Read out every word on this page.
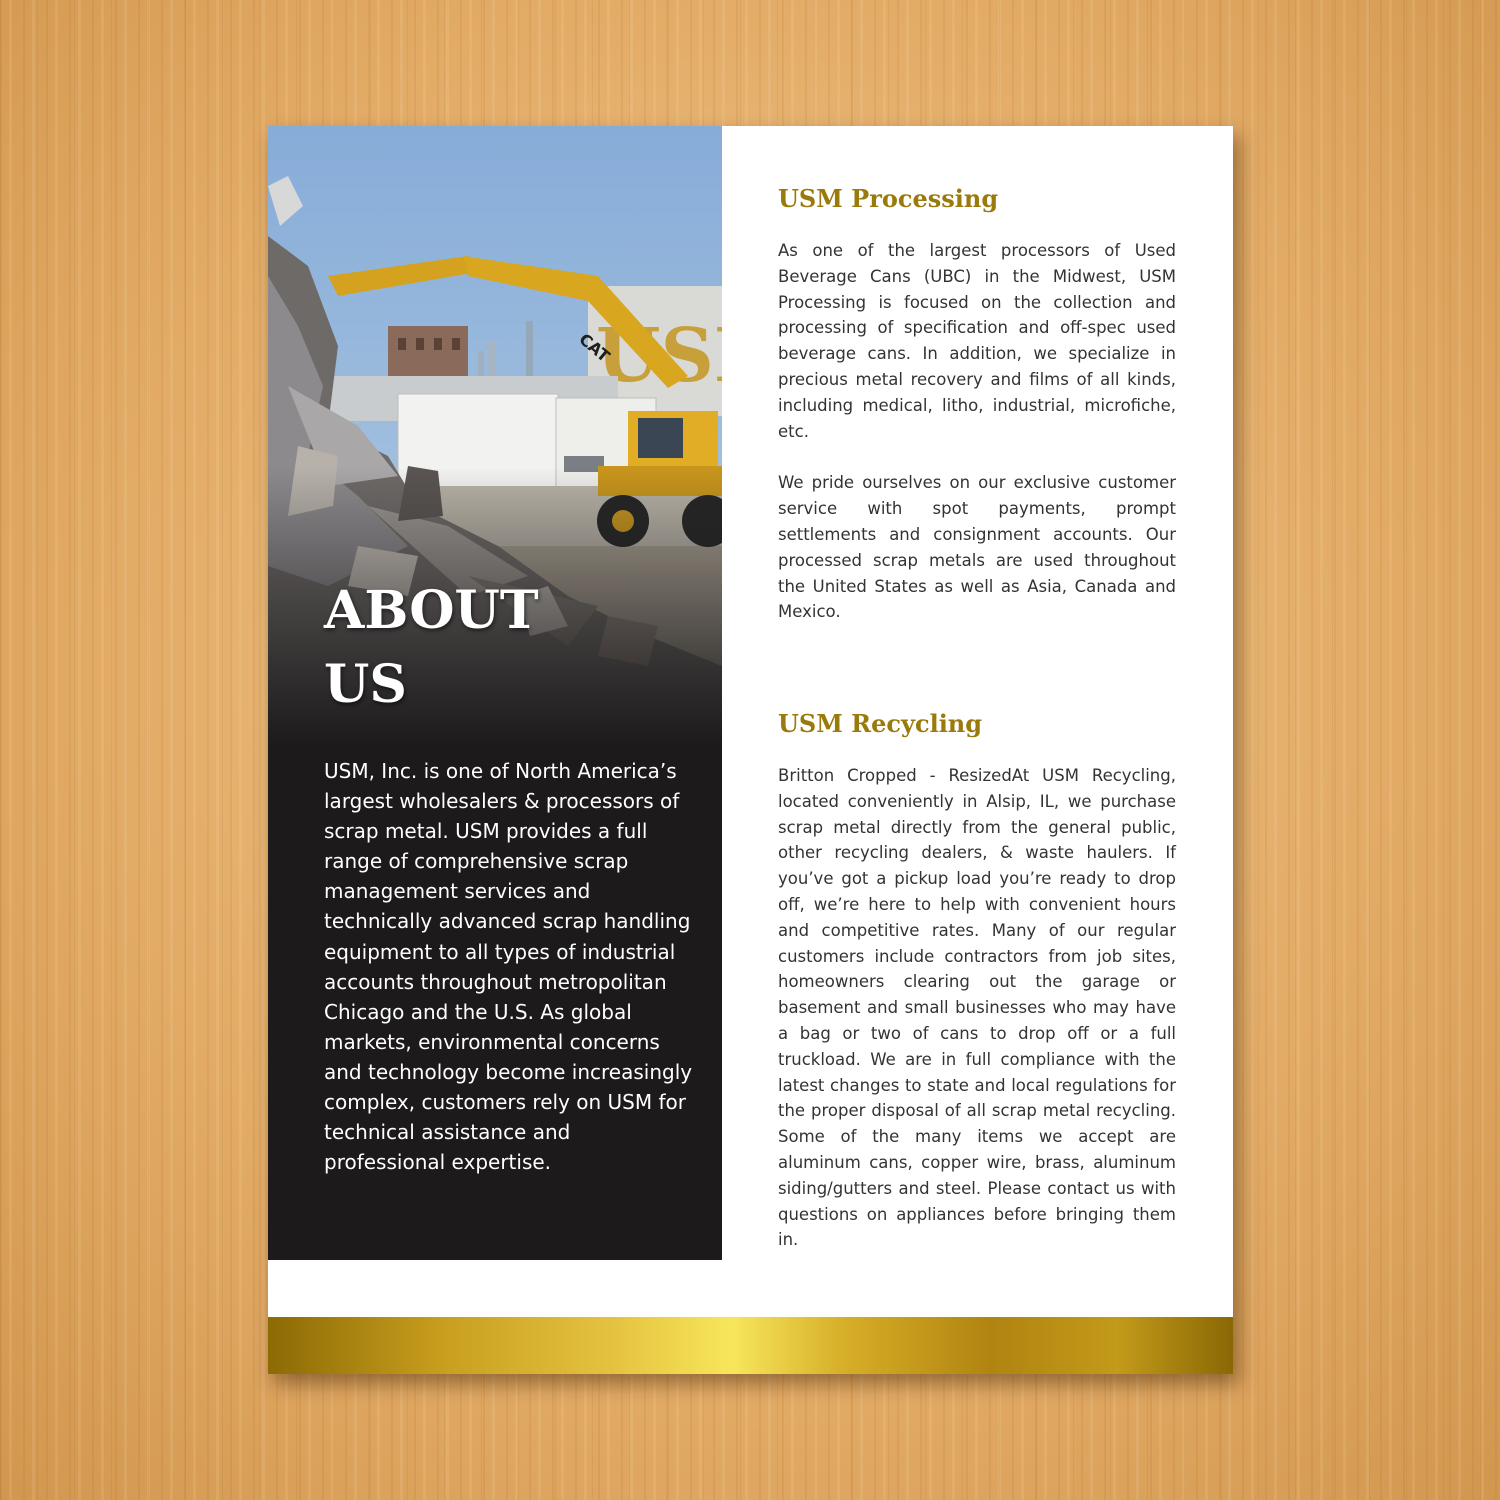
ABOUT US

USM, Inc. is one of North America’s largest wholesalers & processors of scrap metal. USM provides a full range of comprehensive scrap management services and technically advanced scrap handling equipment to all types of industrial accounts throughout metropolitan Chicago and the U.S. As global markets, environmental concerns and technology become increasingly complex, customers rely on USM for technical assistance and professional expertise.

USM Processing

As one of the largest processors of Used Beverage Cans (UBC) in the Midwest, USM Processing is focused on the collection and processing of specification and off-spec used beverage cans. In addition, we specialize in precious metal recovery and films of all kinds, including medical, litho, industrial, microfiche, etc.

We pride ourselves on our exclusive customer service with spot payments, prompt settlements and consignment accounts. Our processed scrap metals are used throughout the United States as well as Asia, Canada and Mexico.

USM Recycling

Britton Cropped - ResizedAt USM Recycling, located conveniently in Alsip, IL, we purchase scrap metal directly from the general public, other recycling dealers, & waste haulers. If you’ve got a pickup load you’re ready to drop off, we’re here to help with convenient hours and competitive rates. Many of our regular customers include contractors from job sites, homeowners clearing out the garage or basement and small businesses who may have a bag or two of cans to drop off or a full truckload. We are in full compliance with the latest changes to state and local regulations for the proper disposal of all scrap metal recycling. Some of the many items we accept are aluminum cans, copper wire, brass, aluminum siding/gutters and steel. Please contact us with questions on appliances before bringing them in.
